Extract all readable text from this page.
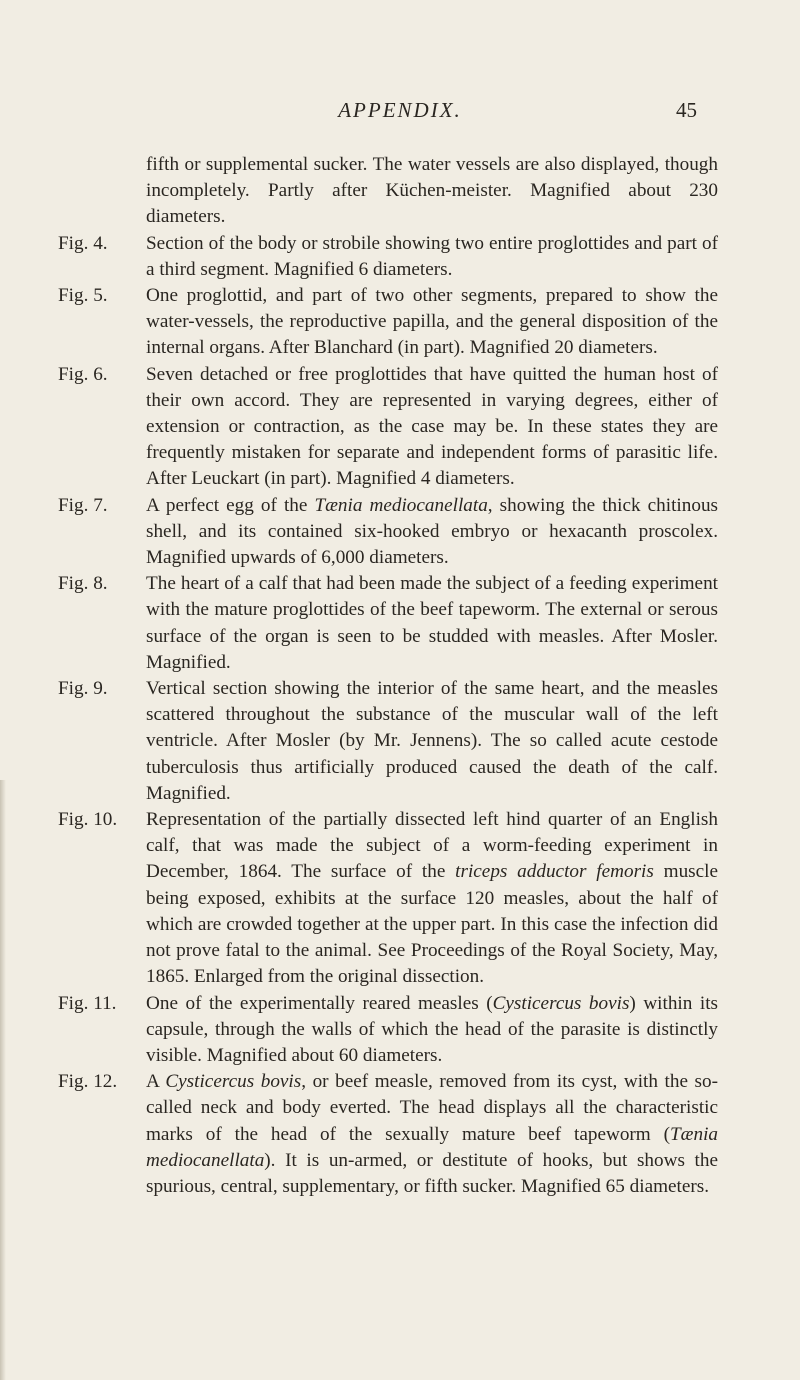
APPENDIX.	45

fifth or supplemental sucker. The water vessels are also displayed, though incompletely. Partly after Küchen-meister. Magnified about 230 diameters.

Fig. 4. Section of the body or strobile showing two entire proglottides and part of a third segment. Magnified 6 diameters.
Fig. 5. One proglottid, and part of two other segments, prepared to show the water-vessels, the reproductive papilla, and the general disposition of the internal organs. After Blanchard (in part). Magnified 20 diameters.
Fig. 6. Seven detached or free proglottides that have quitted the human host of their own accord. They are represented in varying degrees, either of extension or contraction, as the case may be. In these states they are frequently mistaken for separate and independent forms of parasitic life. After Leuckart (in part). Magnified 4 diameters.
Fig. 7. A perfect egg of the Tænia mediocanellata, showing the thick chitinous shell, and its contained six-hooked embryo or hexacanth proscolex. Magnified upwards of 6,000 diameters.
Fig. 8. The heart of a calf that had been made the subject of a feeding experiment with the mature proglottides of the beef tapeworm. The external or serous surface of the organ is seen to be studded with measles. After Mosler. Magnified.
Fig. 9. Vertical section showing the interior of the same heart, and the measles scattered throughout the substance of the muscular wall of the left ventricle. After Mosler (by Mr. Jennens). The so called acute cestode tuberculosis thus artificially produced caused the death of the calf. Magnified.
Fig. 10. Representation of the partially dissected left hind quarter of an English calf, that was made the subject of a worm-feeding experiment in December, 1864. The surface of the triceps adductor femoris muscle being exposed, exhibits at the surface 120 measles, about the half of which are crowded together at the upper part. In this case the infection did not prove fatal to the animal. See Proceedings of the Royal Society, May, 1865. Enlarged from the original dissection.
Fig. 11. One of the experimentally reared measles (Cysticercus bovis) within its capsule, through the walls of which the head of the parasite is distinctly visible. Magnified about 60 diameters.
Fig. 12. A Cysticercus bovis, or beef measle, removed from its cyst, with the so-called neck and body everted. The head displays all the characteristic marks of the head of the sexually mature beef tapeworm (Tænia mediocanellata). It is un-armed, or destitute of hooks, but shows the spurious, central, supplementary, or fifth sucker. Magnified 65 diameters.
